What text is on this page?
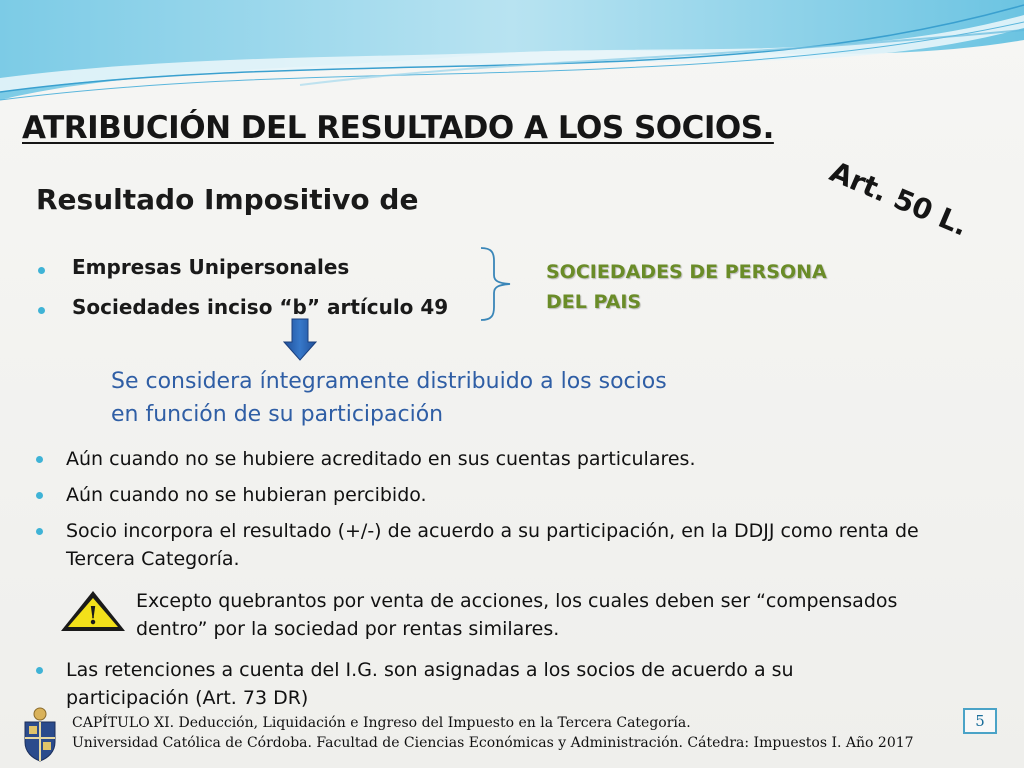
ATRIBUCIÓN DEL RESULTADO A LOS SOCIOS.
Art. 50 L.
Resultado Impositivo de
Empresas Unipersonales
Sociedades inciso “b” artículo 49
SOCIEDADES DE PERSONA
DEL PAIS
Se considera íntegramente distribuido a los socios
en función de su participación
Aún cuando no se hubiere acreditado en sus cuentas particulares.
Aún cuando no se hubieran percibido.
Socio incorpora el resultado (+/-) de acuerdo a su participación, en la DDJJ como renta de Tercera Categoría.
! Excepto quebrantos por venta de acciones, los cuales deben ser “compensados
dentro” por la sociedad por rentas similares.
Las retenciones a cuenta del I.G. son asignadas a los socios de acuerdo a su participación (Art. 73 DR)
CAPÍTULO XI. Deducción, Liquidación e Ingreso del Impuesto en la Tercera Categoría.
Universidad Católica de Córdoba. Facultad de Ciencias Económicas y Administración. Cátedra: Impuestos I. Año 2017
5
